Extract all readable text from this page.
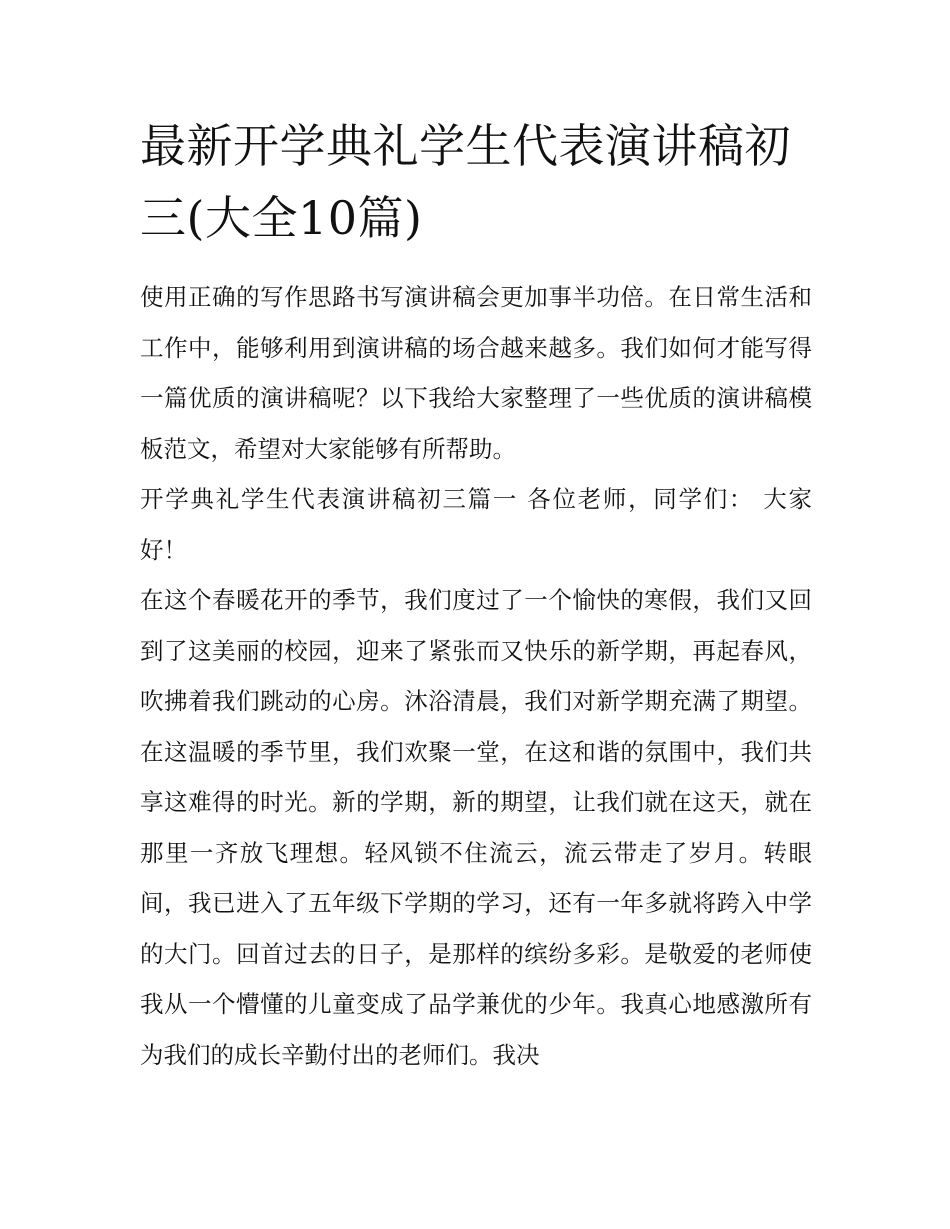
最新开学典礼学生代表演讲稿初三(大全10篇)

使用正确的写作思路书写演讲稿会更加事半功倍。在日常生活和工作中，能够利用到演讲稿的场合越来越多。我们如何才能写得一篇优质的演讲稿呢？以下我给大家整理了一些优质的演讲稿模板范文，希望对大家能够有所帮助。

开学典礼学生代表演讲稿初三篇一 各位老师，同学们： 大家好！

在这个春暖花开的季节，我们度过了一个愉快的寒假，我们又回到了这美丽的校园，迎来了紧张而又快乐的新学期，再起春风，吹拂着我们跳动的心房。沐浴清晨，我们对新学期充满了期望。在这温暖的季节里，我们欢聚一堂，在这和谐的氛围中，我们共享这难得的时光。新的学期，新的期望，让我们就在这天，就在那里一齐放飞理想。轻风锁不住流云，流云带走了岁月。转眼间，我已进入了五年级下学期的学习，还有一年多就将跨入中学的大门。回首过去的日子，是那样的缤纷多彩。是敬爱的老师使我从一个懵懂的儿童变成了品学兼优的少年。我真心地感激所有为我们的成长辛勤付出的老师们。我决
